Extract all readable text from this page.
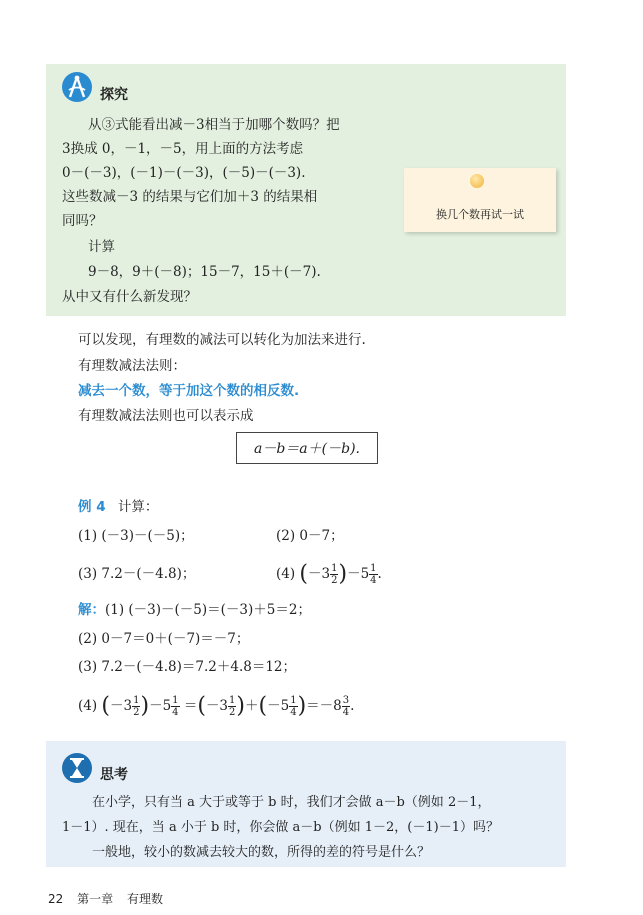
探究
从③式能看出减－3相当于加哪个数吗？把
3换成 0，－1，－5，用上面的方法考虑
0－(－3)，(－1)－(－3)，(－5)－(－3).
这些数减－3 的结果与它们加＋3 的结果相
同吗？
计算
9－8，9＋(－8)；15－7，15＋(－7).
从中又有什么新发现？
换几个数再试一试
可以发现，有理数的减法可以转化为加法来进行.
有理数减法法则：
减去一个数，等于加这个数的相反数.
有理数减法法则也可以表示成
a－b＝a＋(－b).
例 4 计算：
(1) (－3)－(－5)；	(2) 0－7；
(3) 7.2－(－4.8)；	(4) $(-3 \frac{1}{2} )-5 \frac{1}{4}$ .
解：(1) (－3)－(－5)＝(－3)＋5＝2；
(2) 0－7＝0＋(－7)＝－7；
(3) 7.2－(－4.8)＝7.2＋4.8＝12；
(4) $(-3 \frac{1}{2} )-5 \frac{1}{4} =(-3 \frac{1}{2} )+(-5 \frac{1}{4} )=-8 \frac{3}{4}$ .
思考
在小学，只有当 a 大于或等于 b 时，我们才会做 a－b（例如 2－1，
1－1）. 现在，当 a 小于 b 时，你会做 a－b（例如 1－2，(－1)－1）吗？
一般地，较小的数减去较大的数，所得的差的符号是什么？
22 第一章 有理数
